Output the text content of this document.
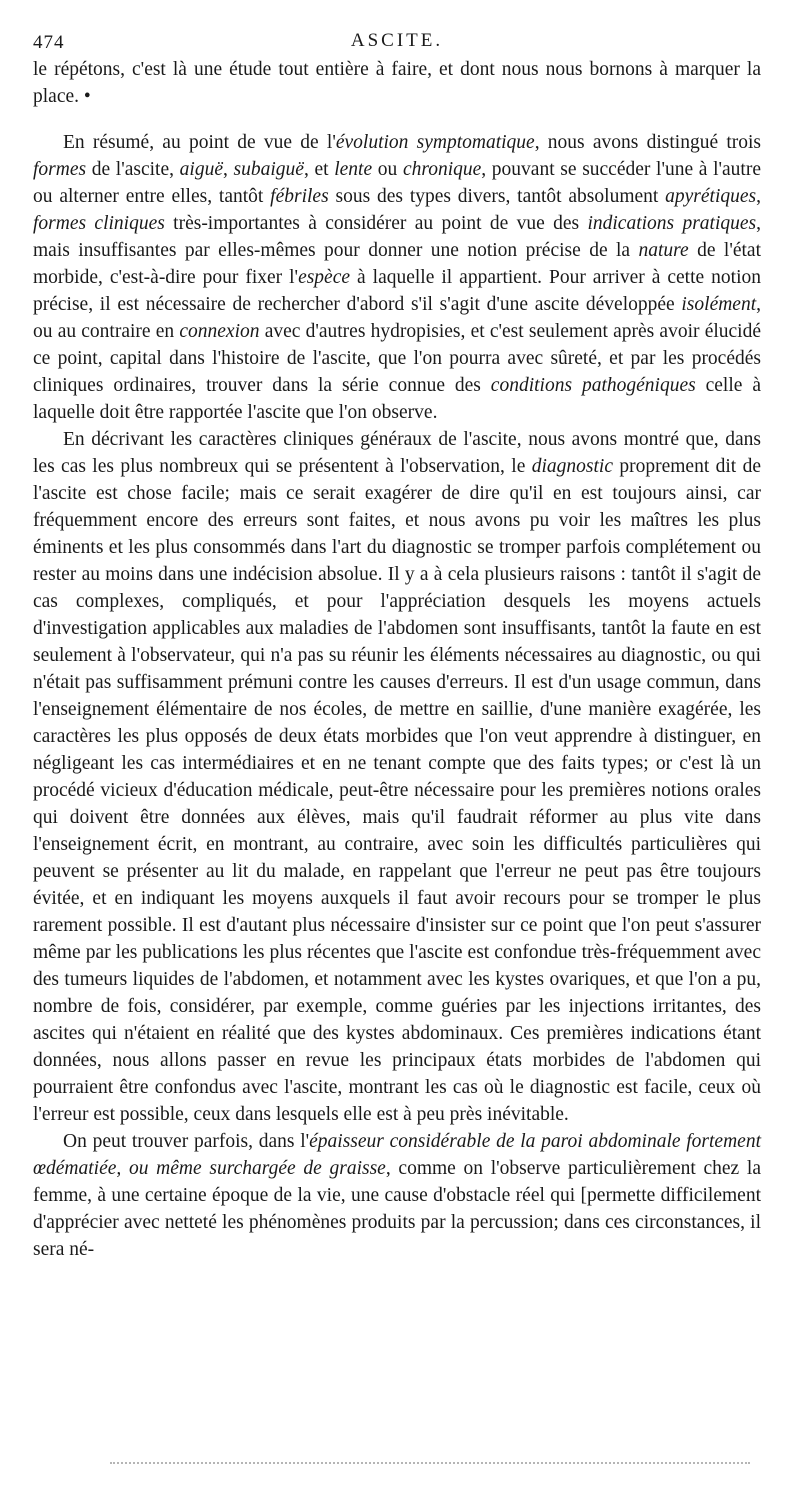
474	ASCITE.

le répétons, c'est là une étude tout entière à faire, et dont nous nous bornons à marquer la place. •

En résumé, au point de vue de l'évolution symptomatique, nous avons distingué trois formes de l'ascite, aiguë, subaiguë, et lente ou chronique, pouvant se succéder l'une à l'autre ou alterner entre elles, tantôt fébriles sous des types divers, tantôt absolument apyrétiques, formes cliniques très-importantes à considérer au point de vue des indications pratiques, mais insuffisantes par elles-mêmes pour donner une notion précise de la nature de l'état morbide, c'est-à-dire pour fixer l'espèce à laquelle il appartient. Pour arriver à cette notion précise, il est nécessaire de rechercher d'abord s'il s'agit d'une ascite développée isolément, ou au contraire en connexion avec d'autres hydropisies, et c'est seulement après avoir élucidé ce point, capital dans l'histoire de l'ascite, que l'on pourra avec sûreté, et par les procédés cliniques ordinaires, trouver dans la série connue des conditions pathogéniques celle à laquelle doit être rapportée l'ascite que l'on observe.

En décrivant les caractères cliniques généraux de l'ascite, nous avons montré que, dans les cas les plus nombreux qui se présentent à l'observation, le diagnostic proprement dit de l'ascite est chose facile; mais ce serait exagérer de dire qu'il en est toujours ainsi, car fréquemment encore des erreurs sont faites, et nous avons pu voir les maîtres les plus éminents et les plus consommés dans l'art du diagnostic se tromper parfois complétement ou rester au moins dans une indécision absolue. Il y a à cela plusieurs raisons : tantôt il s'agit de cas complexes, compliqués, et pour l'appréciation desquels les moyens actuels d'investigation applicables aux maladies de l'abdomen sont insuffisants, tantôt la faute en est seulement à l'observateur, qui n'a pas su réunir les éléments nécessaires au diagnostic, ou qui n'était pas suffisamment prémuni contre les causes d'erreurs. Il est d'un usage commun, dans l'enseignement élémentaire de nos écoles, de mettre en saillie, d'une manière exagérée, les caractères les plus opposés de deux états morbides que l'on veut apprendre à distinguer, en négligeant les cas intermédiaires et en ne tenant compte que des faits types; or c'est là un procédé vicieux d'éducation médicale, peut-être nécessaire pour les premières notions orales qui doivent être données aux élèves, mais qu'il faudrait réformer au plus vite dans l'enseignement écrit, en montrant, au contraire, avec soin les difficultés particulières qui peuvent se présenter au lit du malade, en rappelant que l'erreur ne peut pas être toujours évitée, et en indiquant les moyens auxquels il faut avoir recours pour se tromper le plus rarement possible. Il est d'autant plus nécessaire d'insister sur ce point que l'on peut s'assurer même par les publications les plus récentes que l'ascite est confondue très-fréquemment avec des tumeurs liquides de l'abdomen, et notamment avec les kystes ovariques, et que l'on a pu, nombre de fois, considérer, par exemple, comme guéries par les injections irritantes, des ascites qui n'étaient en réalité que des kystes abdominaux. Ces premières indications étant données, nous allons passer en revue les principaux états morbides de l'abdomen qui pourraient être confondus avec l'ascite, montrant les cas où le diagnostic est facile, ceux où l'erreur est possible, ceux dans lesquels elle est à peu près inévitable.

On peut trouver parfois, dans l'épaisseur considérable de la paroi abdominale fortement œdématiée, ou même surchargée de graisse, comme on l'observe particulièrement chez la femme, à une certaine époque de la vie, une cause d'obstacle réel qui [permette difficilement d'apprécier avec netteté les phénomènes produits par la percussion; dans ces circonstances, il sera né-
